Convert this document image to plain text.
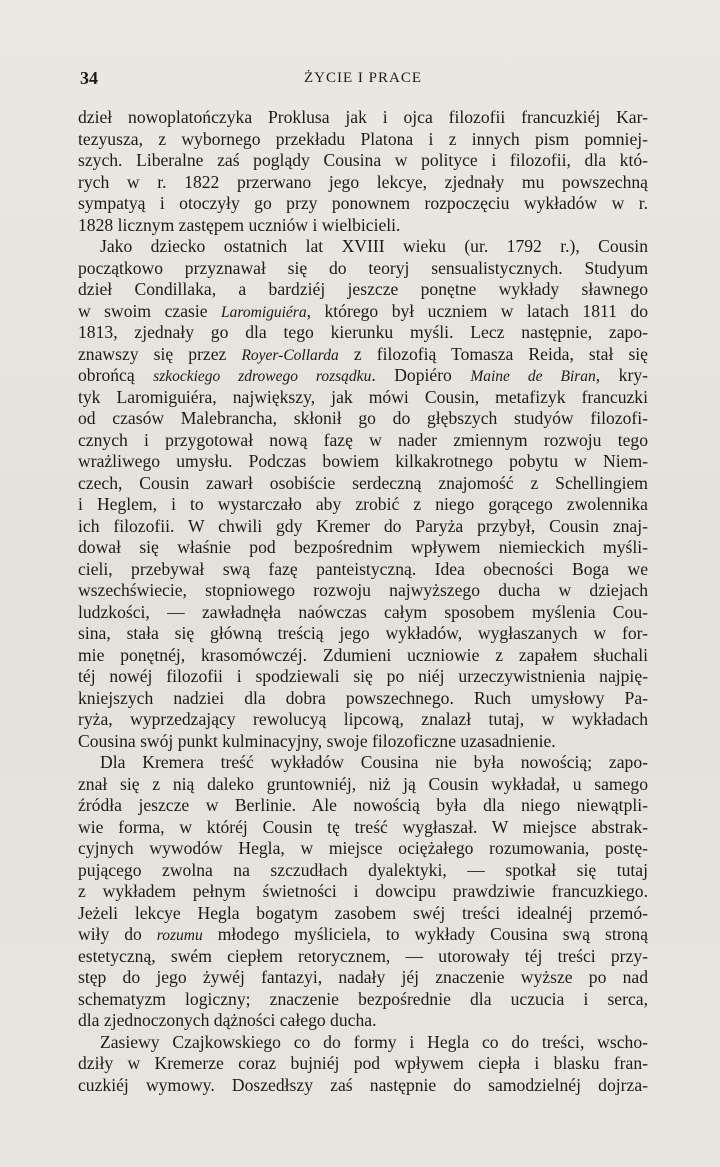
34	ŻYCIE I PRACE
dzieł nowoplatończyka Proklusa jak i ojca filozofii francuzkiéj Kar-
tezyusza, z wybornego przekładu Platona i z innych pism pomniej-
szych. Liberalne zaś poglądy Cousina w polityce i filozofii, dla któ-
rych w r. 1822 przerwano jego lekcye, zjednały mu powszechną
sympatyą i otoczyły go przy ponownem rozpoczęciu wykładów w r.
1828 licznym zastępem uczniów i wielbicieli.
Jako dziecko ostatnich lat XVIII wieku (ur. 1792 r.), Cousin
początkowo przyznawał się do teoryj sensualistycznych. Studyum
dzieł Condillaka, a bardziéj jeszcze ponętne wykłady sławnego
w swoim czasie Laromiguiéra, którego był uczniem w latach 1811 do
1813, zjednały go dla tego kierunku myśli. Lecz następnie, zapo-
znawszy się przez Royer-Collarda z filozofią Tomasza Reida, stał się
obrońcą szkockiego zdrowego rozsądku. Dopiéro Maine de Biran, kry-
tyk Laromiguiéra, największy, jak mówi Cousin, metafizyk francuzki
od czasów Malebrancha, skłonił go do głębszych studyów filozofi-
cznych i przygotował nową fazę w nader zmiennym rozwoju tego
wrażliwego umysłu. Podczas bowiem kilkakrotnego pobytu w Niem-
czech, Cousin zawarł osobiście serdeczną znajomość z Schellingiem
i Heglem, i to wystarczało aby zrobić z niego gorącego zwolennika
ich filozofii. W chwili gdy Kremer do Paryża przybył, Cousin znaj-
dował się właśnie pod bezpośrednim wpływem niemieckich myśli-
cieli, przebywał swą fazę panteistyczną. Idea obecności Boga we
wszechświecie, stopniowego rozwoju najwyższego ducha w dziejach
ludzkości, — zawładnęła naówczas całym sposobem myślenia Cou-
sina, stała się główną treścią jego wykładów, wygłaszanych w for-
mie ponętnéj, krasomówczéj. Zdumieni uczniowie z zapałem słuchali
téj nowéj filozofii i spodziewali się po niéj urzeczywistnienia najpię-
kniejszych nadziei dla dobra powszechnego. Ruch umysłowy Pa-
ryża, wyprzedzający rewolucyą lipcową, znalazł tutaj, w wykładach
Cousina swój punkt kulminacyjny, swoje filozoficzne uzasadnienie.
Dla Kremera treść wykładów Cousina nie była nowością; zapo-
znał się z nią daleko gruntowniéj, niż ją Cousin wykładał, u samego
źródła jeszcze w Berlinie. Ale nowością była dla niego niewątpli-
wie forma, w któréj Cousin tę treść wygłaszał. W miejsce abstrak-
cyjnych wywodów Hegla, w miejsce ociężałego rozumowania, postę-
pującego zwolna na szczudłach dyalektyki, — spotkał się tutaj
z wykładem pełnym świetności i dowcipu prawdziwie francuzkiego.
Jeżeli lekcye Hegla bogatym zasobem swéj treści idealnéj przemó-
wiły do rozumu młodego myśliciela, to wykłady Cousina swą stroną
estetyczną, swém ciepłem retorycznem, — utorowały téj treści przy-
stęp do jego żywéj fantazyi, nadały jéj znaczenie wyższe po nad
schematyzm logiczny; znaczenie bezpośrednie dla uczucia i serca,
dla zjednoczonych dążności całego ducha.
Zasiewy Czajkowskiego co do formy i Hegla co do treści, wscho-
dziły w Kremerze coraz bujniéj pod wpływem ciepła i blasku fran-
cuzkiéj wymowy. Doszedłszy zaś następnie do samodzielnéj dojrza-
